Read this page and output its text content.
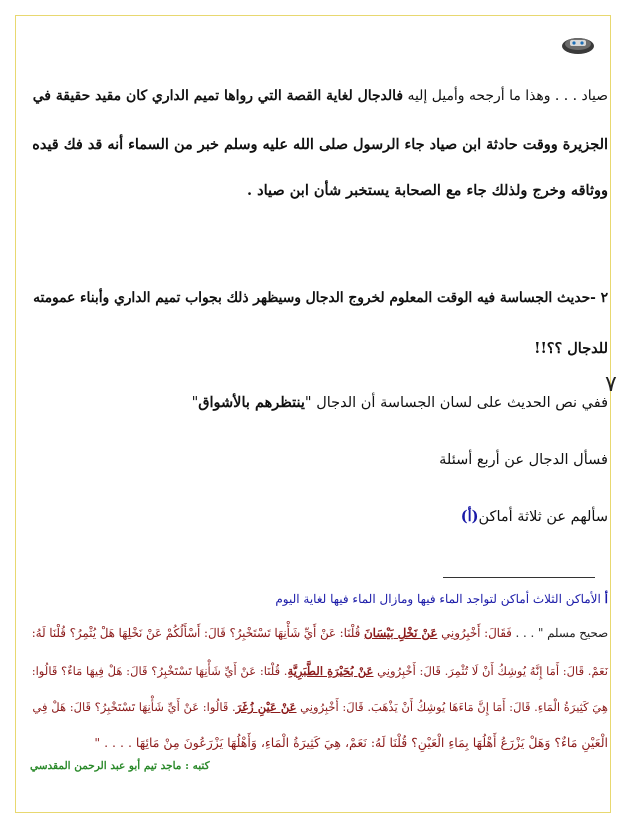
صياد . . . وهذا ما أرجحه وأميل إليه فالدجال لغاية القصة التي رواها تميم الداري كان مقيد حقيقة في
الجزيرة ووقت حادثة ابن صياد جاء الرسول صلى الله عليه وسلم خبر من السماء أنه قد فك قيده
ووثاقه وخرج ولذلك جاء مع الصحابة يستخبر شأن ابن صياد .
٢ -حديث الجساسة فيه الوقت المعلوم لخروج الدجال وسيظهر ذلك بجواب تميم الداري وأبناء عمومته
للدجال ؟؟!!
٧
ففي نص الحديث على لسان الجساسة أن الدجال "ينتظرهم بالأشواق"
فسأل الدجال عن أربع أسئلة
سألهم عن ثلاثة أماكن(أ)
أ الأماكن الثلاث أماكن لتواجد الماء فيها ومازال الماء فيها لغاية اليوم
صحيح مسلم " . . . فَقَالَ: أَخْبِرُونِي عَنْ نَخْلِ بَيْسَانَ قُلْنَا: عَنْ أَيِّ شَأْنِهَا تَسْتَخْبِرُ؟ قَالَ: أَسْأَلُكُمْ عَنْ نَخْلِهَا هَلْ يُثْمِرُ؟ قُلْنَا لَهُ:
نَعَمْ. قَالَ: أَمَا إِنَّهُ يُوشِكُ أَنْ لَا تُثْمِرَ. قَالَ: أَخْبِرُونِي عَنْ بُحَيْرَةِ الطَّبَرِيَّةِ. قُلْنَا: عَنْ أَيِّ شَأْنِهَا تَسْتَخْبِرُ؟ قَالَ: هَلْ فِيهَا مَاءٌ؟ قَالُوا:
هِيَ كَثِيرَةُ الْمَاءِ. قَالَ: أَمَا إِنَّ مَاءَهَا يُوشِكُ أَنْ يَذْهَبَ. قَالَ: أَخْبِرُونِي عَنْ عَيْنِ زُغَرَ. قَالُوا: عَنْ أَيِّ شَأْنِهَا تَسْتَخْبِرُ؟ قَالَ: هَلْ فِي
الْعَيْنِ مَاءٌ؟ وَهَلْ يَزْرَعُ أَهْلُهَا بِمَاءِ الْعَيْنِ؟ قُلْنَا لَهُ: نَعَمْ، هِيَ كَثِيرَةُ الْمَاءِ، وَأَهْلُهَا يَزْرَعُونَ مِنْ مَائِهَا . . . . "
كتبه : ماجد تيم أبو عبد الرحمن المقدسي
